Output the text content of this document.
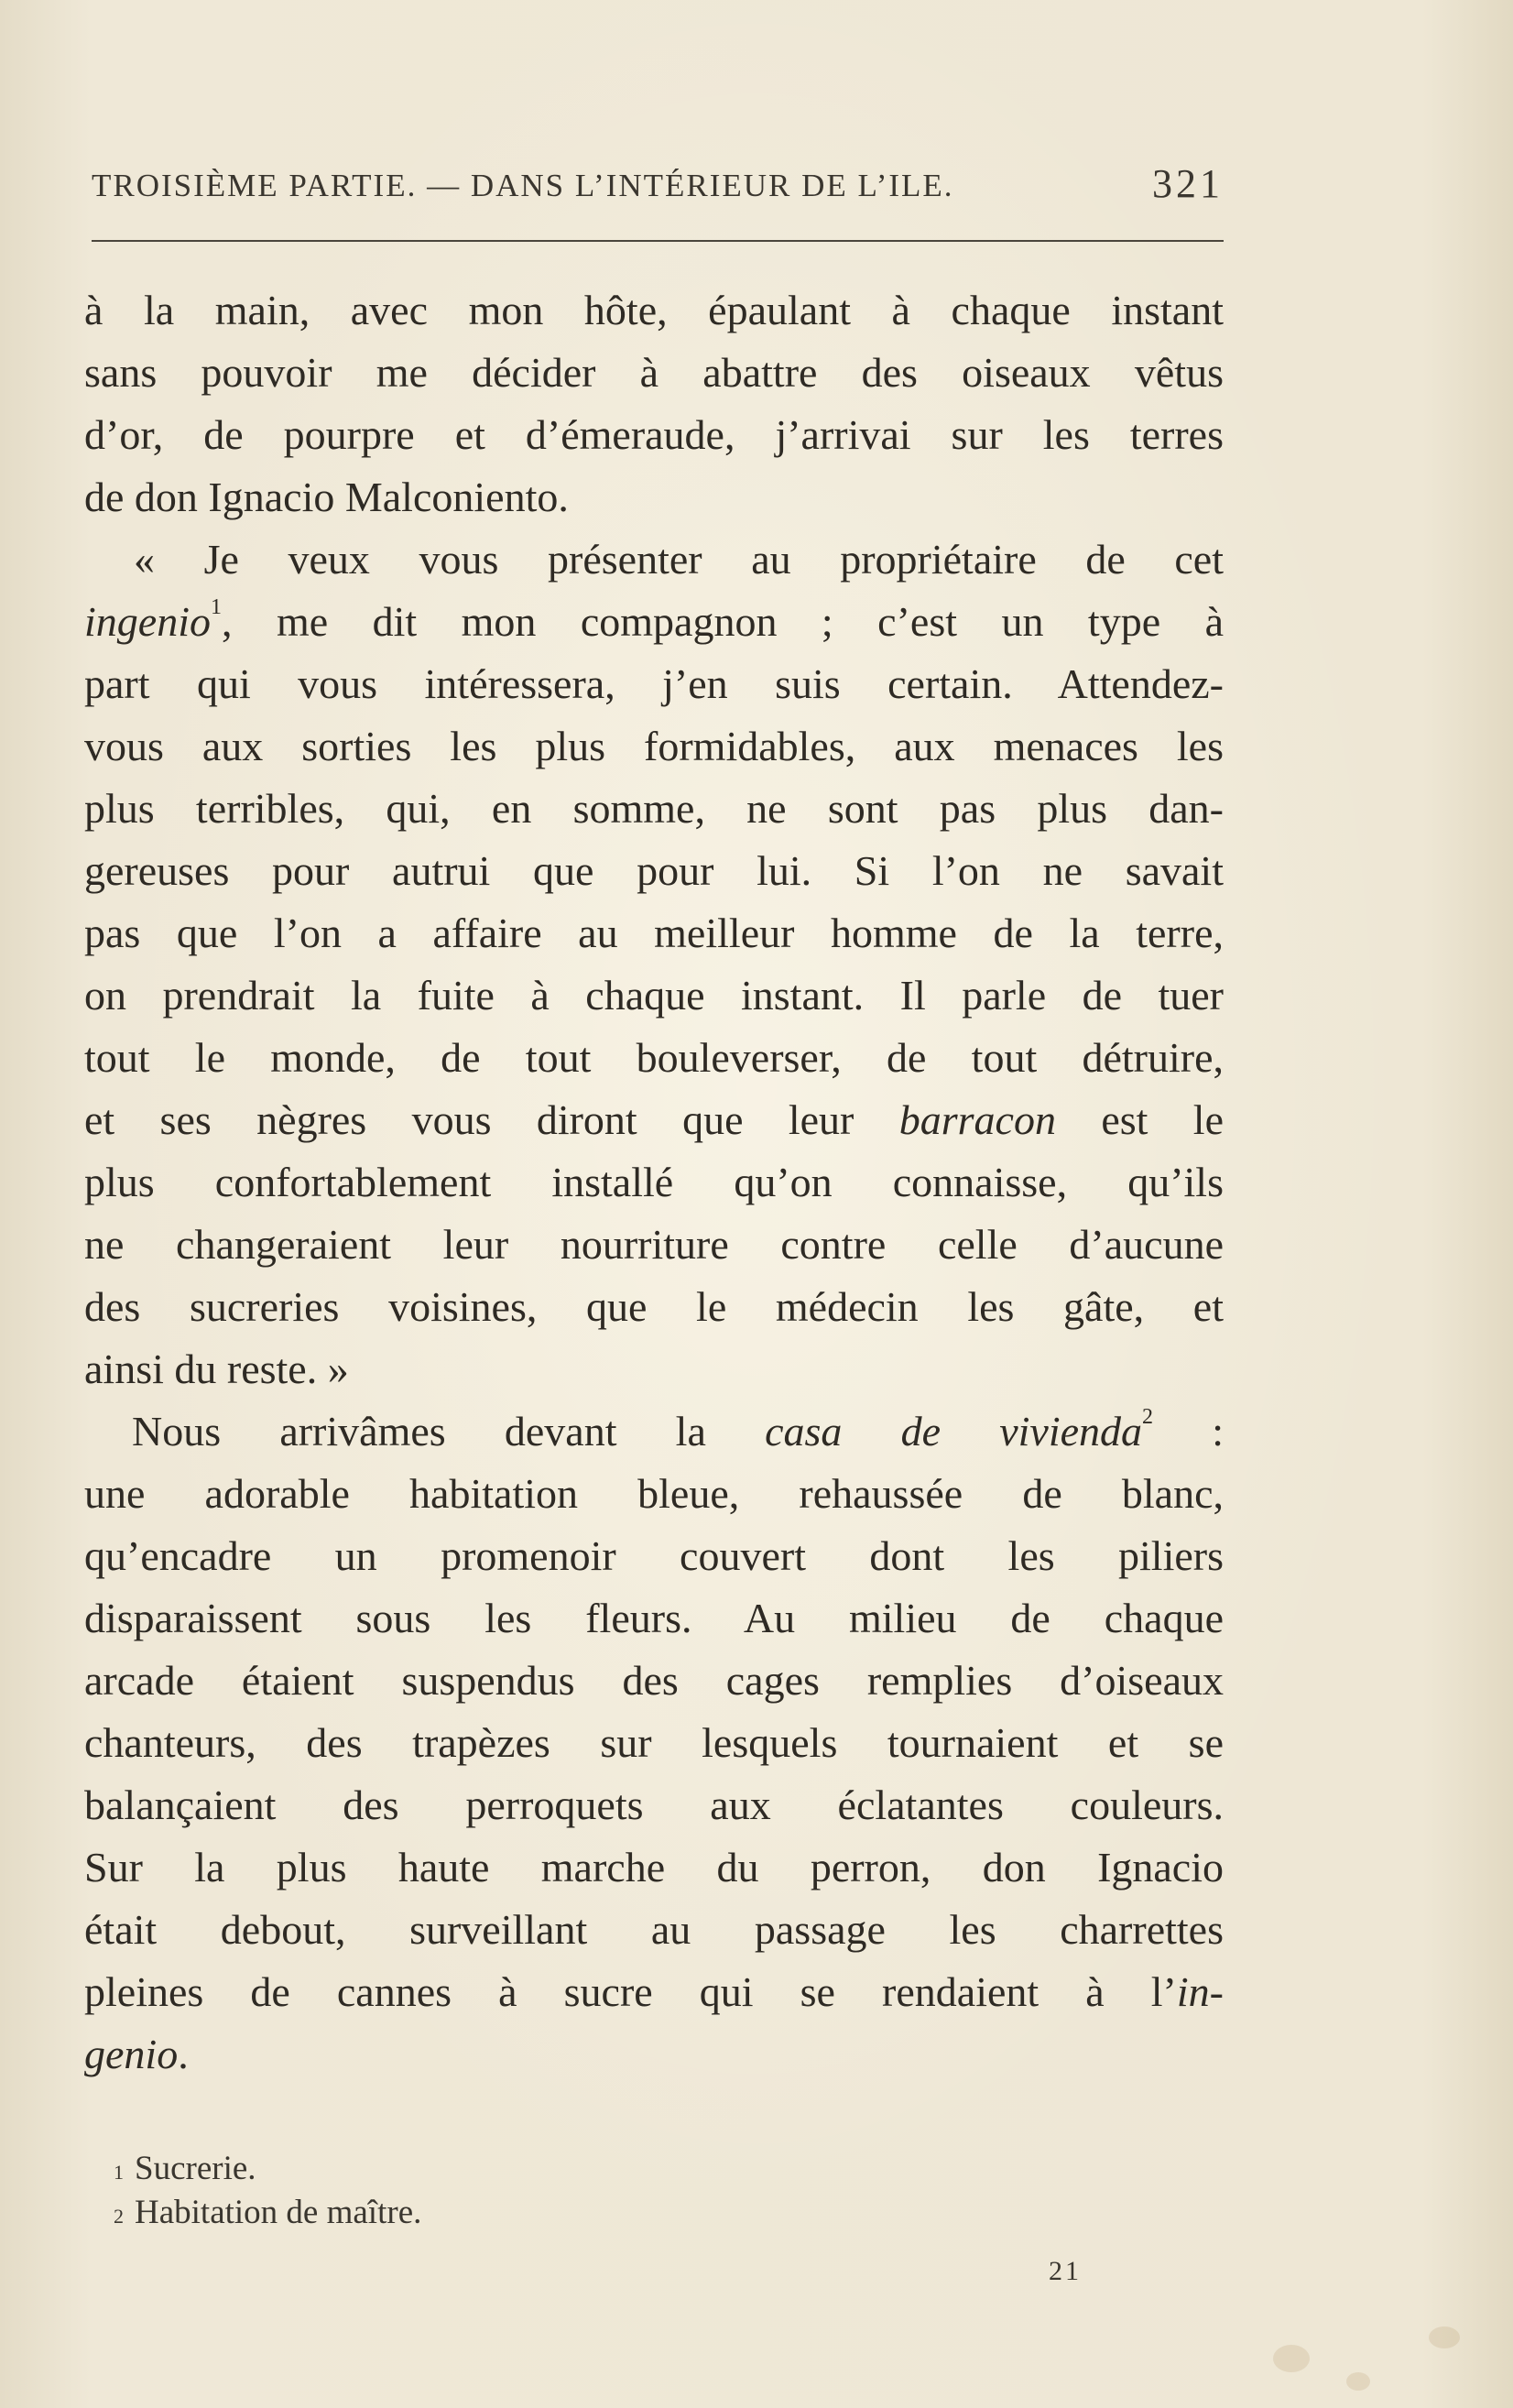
TROISIÈME PARTIE. — DANS L’INTÉRIEUR DE L’ILE.	321
à la main, avec mon hôte, épaulant à chaque instant
sans pouvoir me décider à abattre des oiseaux vêtus
d’or, de pourpre et d’émeraude, j’arrivai sur les terres
de don Ignacio Malconiento.
« Je veux vous présenter au propriétaire de cet
ingenio$^1$, me dit mon compagnon ; c’est un type à
part qui vous intéressera, j’en suis certain. Attendez-
vous aux sorties les plus formidables, aux menaces les
plus terribles, qui, en somme, ne sont pas plus dan-
gereuses pour autrui que pour lui. Si l’on ne savait
pas que l’on a affaire au meilleur homme de la terre,
on prendrait la fuite à chaque instant. Il parle de tuer
tout le monde, de tout bouleverser, de tout détruire,
et ses nègres vous diront que leur barracon est le
plus confortablement installé qu’on connaisse, qu’ils
ne changeraient leur nourriture contre celle d’aucune
des sucreries voisines, que le médecin les gâte, et
ainsi du reste. »
Nous arrivâmes devant la casa de vivienda$^2$ :
une adorable habitation bleue, rehaussée de blanc,
qu’encadre un promenoir couvert dont les piliers
disparaissent sous les fleurs. Au milieu de chaque
arcade étaient suspendus des cages remplies d’oiseaux
chanteurs, des trapèzes sur lesquels tournaient et se
balançaient des perroquets aux éclatantes couleurs.
Sur la plus haute marche du perron, don Ignacio
était debout, surveillant au passage les charrettes
pleines de cannes à sucre qui se rendaient à l’in-
genio.
$^1$ Sucrerie.
$^2$ Habitation de maître.
21
